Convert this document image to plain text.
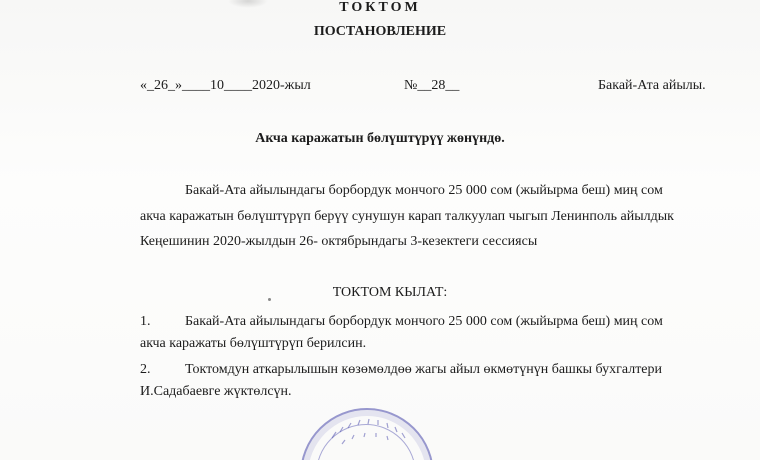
ТОКТОМ
ПОСТАНОВЛЕНИЕ
«_26_»____10____2020-жыл	№__28__	Бакай-Ата айылы.

Акча каражатын бөлүштүрүү жөнүндө.

Бакай-Ата айылындагы борбордук мончого 25 000 сом (жыйырма беш) миң сом
акча каражатын бөлүштүрүп берүү сунушун карап талкуулап чыгып Ленинполь айылдык
Кеңешинин 2020-жылдын 26- октябрындагы 3-кезектеги сессиясы

ТОКТОМ КЫЛАТ:

1. Бакай-Ата айылындагы борбордук мончого 25 000 сом (жыйырма беш) миң сом
акча каражаты бөлүштүрүп берилсин.
2. Токтомдун аткарылышын көзөмөлдөө жагы айыл өкмөтүнүн башкы бухгалтери
И.Садабаевге жүктөлсүн.
